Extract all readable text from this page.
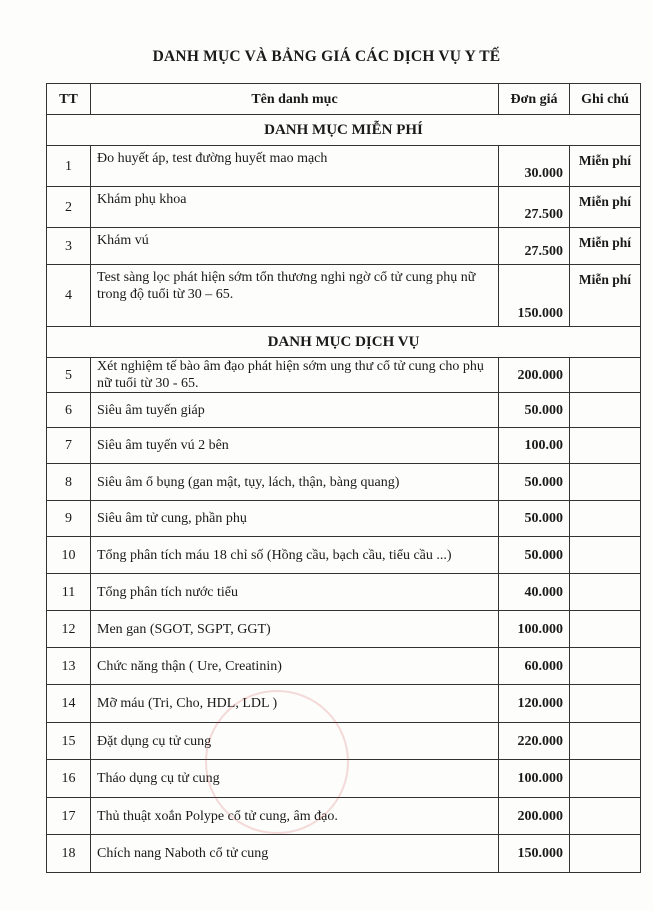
DANH MỤC VÀ BẢNG GIÁ CÁC DỊCH VỤ Y TẾ
TT	Tên danh mục	Đơn giá	Ghi chú
DANH MỤC MIỄN PHÍ			
1	Đo huyết áp, test đường huyết mao mạch	30.000	Miễn phí
2	Khám phụ khoa	27.500	Miễn phí
3	Khám vú	27.500	Miễn phí
4	Test sàng lọc phát hiện sớm tổn thương nghi ngờ cổ tử cung phụ nữ trong độ tuổi từ 30 – 65.	150.000	Miễn phí
DANH MỤC DỊCH VỤ			
5	Xét nghiệm tế bào âm đạo phát hiện sớm ung thư cổ tử cung cho phụ nữ tuổi từ 30 - 65.	200.000	
6	Siêu âm tuyến giáp	50.000	
7	Siêu âm tuyến vú 2 bên	100.00	
8	Siêu âm ổ bụng (gan mật, tụy, lách, thận, bàng quang)	50.000	
9	Siêu âm tử cung, phần phụ	50.000	
10	Tổng phân tích máu 18 chỉ số (Hồng cầu, bạch cầu, tiểu cầu ...)	50.000	
11	Tổng phân tích nước tiểu	40.000	
12	Men gan (SGOT, SGPT, GGT)	100.000	
13	Chức năng thận ( Ure, Creatinin)	60.000	
14	Mỡ máu (Tri, Cho, HDL, LDL )	120.000	
15	Đặt dụng cụ tử cung	220.000	
16	Tháo dụng cụ tử cung	100.000	
17	Thủ thuật xoắn Polype cổ tử cung, âm đạo.	200.000	
18	Chích nang Naboth cổ tử cung	150.000	
